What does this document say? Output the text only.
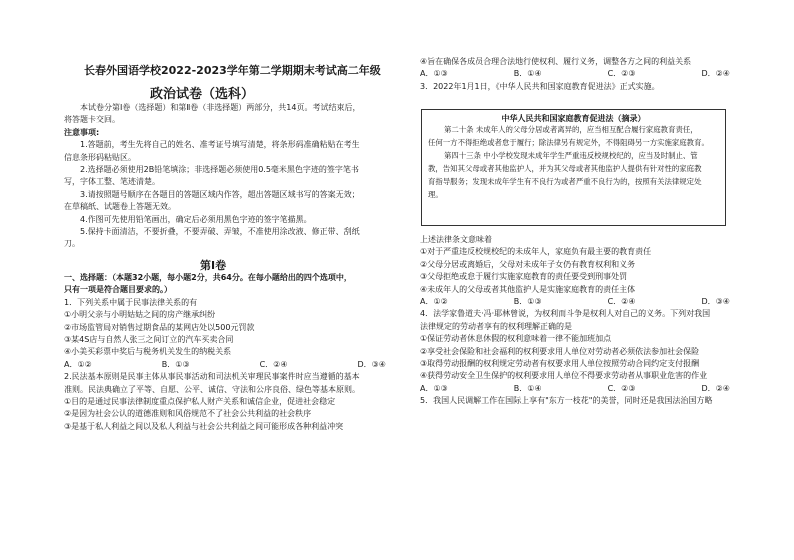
长春外国语学校2022-2023学年第二学期期末考试高二年级
政治试卷（选科）
本试卷分第Ⅰ卷（选择题）和第Ⅱ卷（非选择题）两部分，共14页。考试结束后，
将答题卡交回。
注意事项:
1.答题前，考生先将自己的姓名、准考证号填写清楚，将条形码准确粘贴在考生
信息条形码粘贴区。
2.选择题必须使用2B铅笔填涂；非选择题必须使用0.5毫米黑色字迹的签字笔书
写，字体工整、笔迹清楚。
3.请按照题号顺序在各题目的答题区域内作答，超出答题区域书写的答案无效；
在草稿纸、试题卷上答题无效。
4.作图可先使用铅笔画出，确定后必须用黑色字迹的签字笔描黑。
5.保持卡面清洁，不要折叠，不要弄破、弄皱，不准使用涂改液、修正带、刮纸
刀。
第Ⅰ卷
一、选择题：（本题32小题，每小题2分，共64分。在每小题给出的四个选项中，
只有一项是符合题目要求的。）
1．下列关系中属于民事法律关系的有
①小明父亲与小明姑姑之间的房产继承纠纷
②市场监管局对销售过期食品的某网店处以500元罚款
③某4S店与自然人张三之间订立的汽车买卖合同
④小美买彩票中奖后与税务机关发生的纳税关系
A．①②	B．①③	C．②④	D．③④
2.民法基本原则是民事主体从事民事活动和司法机关审理民事案件时应当遵循的基本
准则。民法典确立了平等、自愿、公平、诚信、守法和公序良俗、绿色等基本原则。
①目的是通过民事法律制度重点保护私人财产关系和诚信企业，促进社会稳定
②是因为社会公认的道德准则和风俗规范不了社会公共利益的社会秩序
③是基于私人利益之间以及私人利益与社会公共利益之间可能形成各种利益冲突
④旨在确保各成员合理合法地行使权利、履行义务，调整各方之间的利益关系
A．①③	B．①④	C．②③	D．②④
3．2022年1月1日，《中华人民共和国家庭教育促进法》正式实施。
中华人民共和国家庭教育促进法（摘录）
第二十条 未成年人的父母分居或者离异的，应当相互配合履行家庭教育责任，
任何一方不得拒绝或者怠于履行；除法律另有规定外，不得阻碍另一方实施家庭教育。
第四十三条 中小学校发现未成年学生严重违反校规校纪的，应当及时制止、管
教，告知其父母或者其他监护人，并为其父母或者其他监护人提供有针对性的家庭教
育指导服务；发现未成年学生有不良行为或者严重不良行为的，按照有关法律规定处
理。
上述法律条文意味着
①对于严重违反校规校纪的未成年人，家庭负有最主要的教育责任
②父母分居或离婚后，父母对未成年子女仍有教育权利和义务
③父母拒绝或怠于履行实施家庭教育的责任要受到刑事处罚
④未成年人的父母或者其他监护人是实施家庭教育的责任主体
A．①②	B．①③	C．②④	D．③④
4．法学家鲁道夫·冯·耶林曾说，为权利而斗争是权利人对自己的义务。下列对我国
法律规定的劳动者享有的权利理解正确的是
①保证劳动者休息休假的权利意味着一律不能加班加点
②享受社会保险和社会福利的权利要求用人单位对劳动者必须依法参加社会保险
③取得劳动报酬的权利规定劳动者有权要求用人单位按照劳动合同约定支付报酬
④获得劳动安全卫生保护的权利要求用人单位不得要求劳动者从事职业危害的作业
A．①③	B．①④	C．②③	D．②④
5．我国人民调解工作在国际上享有"东方一枝花"的美誉，同时还是我国法治国方略
